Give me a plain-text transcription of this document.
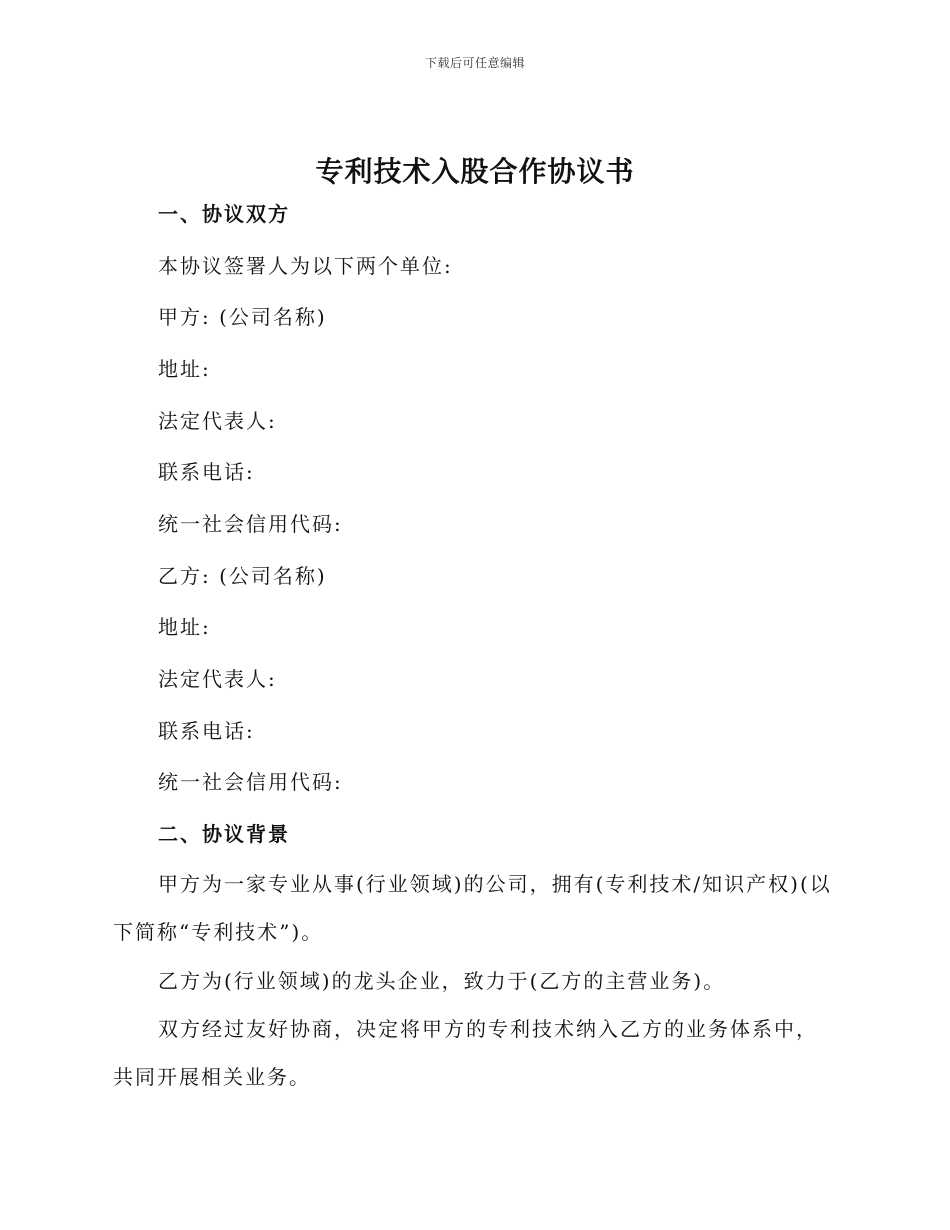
下载后可任意编辑
专利技术入股合作协议书
一、协议双方

本协议签署人为以下两个单位:

甲方: (公司名称)

地址:

法定代表人:

联系电话:

统一社会信用代码:

乙方: (公司名称)

地址:

法定代表人:

联系电话:

统一社会信用代码:

二、协议背景

甲方为一家专业从事(行业领域)的公司，拥有(专利技术/知识产权)(以下简称“专利技术”)。

乙方为(行业领域)的龙头企业，致力于(乙方的主营业务)。

双方经过友好协商，决定将甲方的专利技术纳入乙方的业务体系中，共同开展相关业务。
